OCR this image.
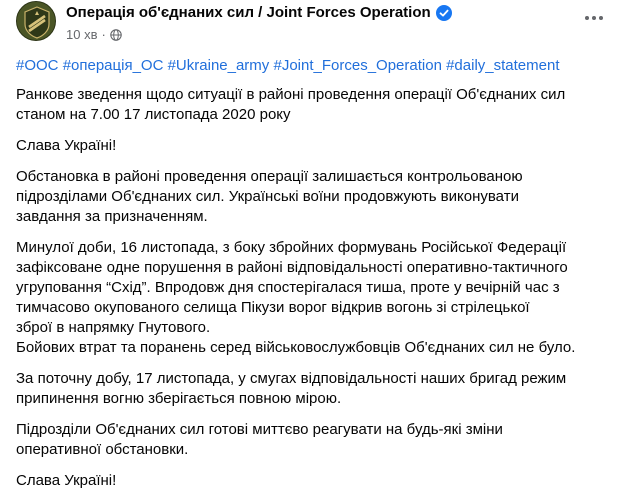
Операція об'єднаних сил / Joint Forces Operation
10 хв ·
#ООС #операція_ОС #Ukraine_army #Joint_Forces_Operation #daily_statement
Ранкове зведення щодо ситуації в районі проведення операції Об'єднаних сил
станом на 7.00 17 листопада 2020 року
Слава Україні!
Обстановка в районі проведення операції залишається контрольованою
підрозділами Об'єднаних сил. Українські воїни продовжують виконувати
завдання за призначенням.
Минулої доби, 16 листопада, з боку збройних формувань Російської Федерації
зафіксоване одне порушення в районі відповідальності оперативно-тактичного
угруповання “Схід”. Впродовж дня спостерігалася тиша, проте у вечірній час з
тимчасово окупованого селища Пікузи ворог відкрив вогонь зі стрілецької
зброї в напрямку Гнутового.
Бойових втрат та поранень серед військовослужбовців Об'єднаних сил не було.
За поточну добу, 17 листопада, у смугах відповідальності наших бригад режим
припинення вогню зберігається повною мірою.
Підрозділи Об'єднаних сил готові миттєво реагувати на будь-які зміни
оперативної обстановки.
Слава Україні!
